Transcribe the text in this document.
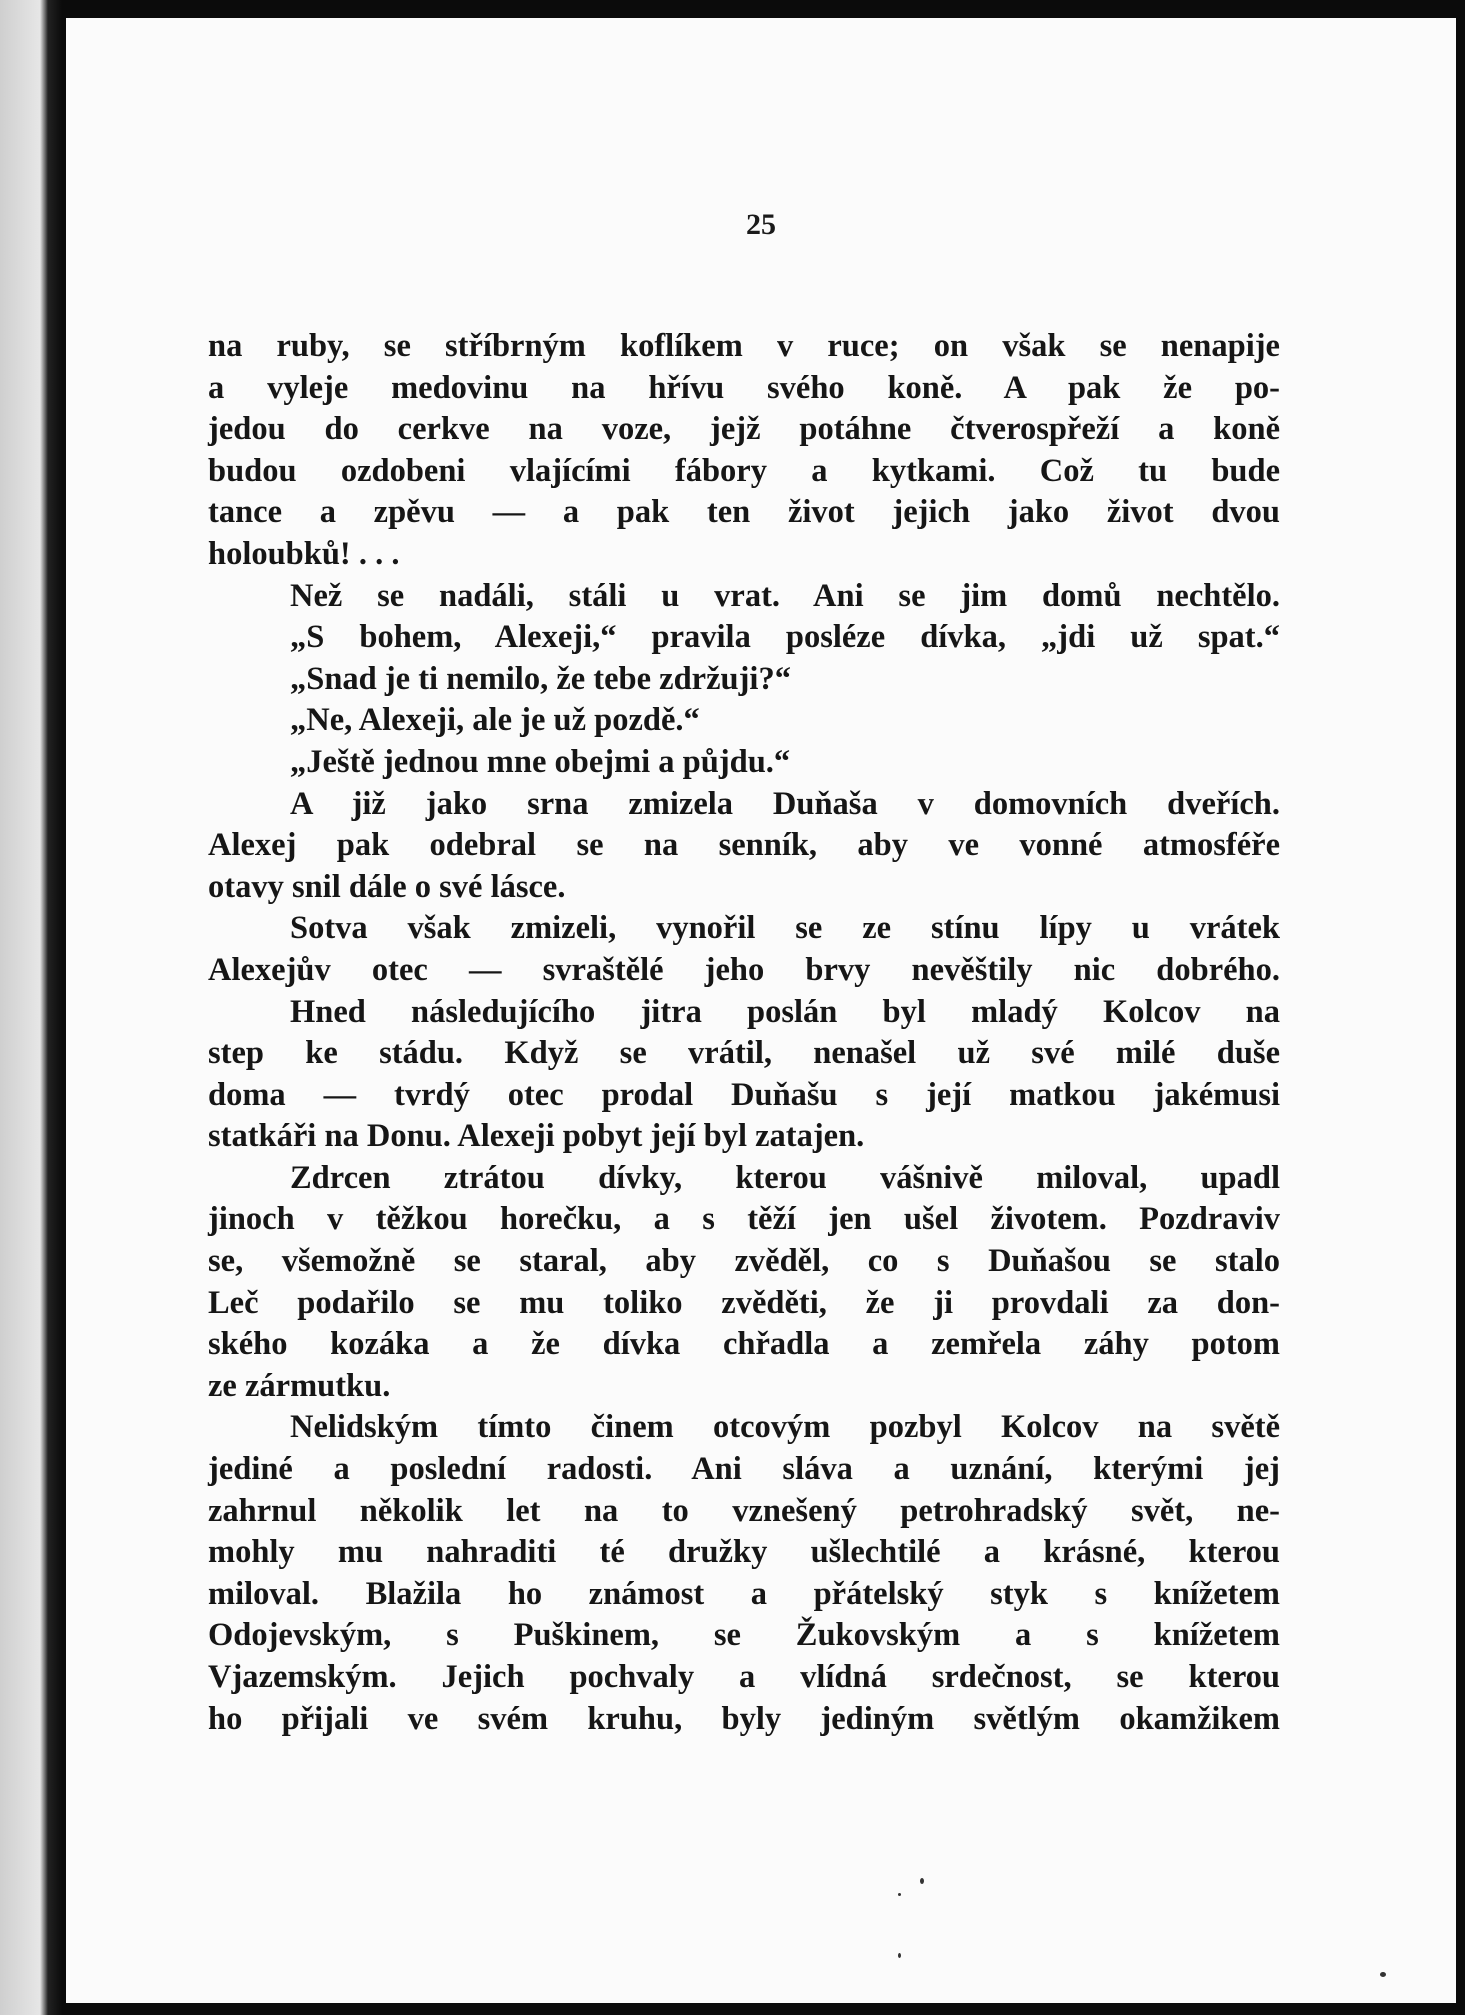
25
na ruby, se stříbrným koflíkem v ruce; on však se nenapije
a vyleje medovinu na hřívu svého koně. A pak že po-
jedou do cerkve na voze, jejž potáhne čtverospřeží a koně
budou ozdobeni vlajícími fábory a kytkami. Což tu bude
tance a zpěvu — a pak ten život jejich jako život dvou
holoubků! . . .
Než se nadáli, stáli u vrat. Ani se jim domů nechtělo.
„S bohem, Alexeji,“ pravila posléze dívka, „jdi už spat.“
„Snad je ti nemilo, že tebe zdržuji?“
„Ne, Alexeji, ale je už pozdě.“
„Ještě jednou mne obejmi a půjdu.“
A již jako srna zmizela Duňaša v domovních dveřích.
Alexej pak odebral se na senník, aby ve vonné atmosféře
otavy snil dále o své lásce.
Sotva však zmizeli, vynořil se ze stínu lípy u vrátek
Alexejův otec — svraštělé jeho brvy nevěštily nic dobrého.
Hned následujícího jitra poslán byl mladý Kolcov na
step ke stádu. Když se vrátil, nenašel už své milé duše
doma — tvrdý otec prodal Duňašu s její matkou jakémusi
statkáři na Donu. Alexeji pobyt její byl zatajen.
Zdrcen ztrátou dívky, kterou vášnivě miloval, upadl
jinoch v těžkou horečku, a s těží jen ušel životem. Pozdraviv
se, všemožně se staral, aby zvěděl, co s Duňašou se stalo
Leč podařilo se mu toliko zvěděti, že ji provdali za don-
ského kozáka a že dívka chřadla a zemřela záhy potom
ze zármutku.
Nelidským tímto činem otcovým pozbyl Kolcov na světě
jediné a poslední radosti. Ani sláva a uznání, kterými jej
zahrnul několik let na to vznešený petrohradský svět, ne-
mohly mu nahraditi té družky ušlechtilé a krásné, kterou
miloval. Blažila ho známost a přátelský styk s knížetem
Odojevským, s Puškinem, se Žukovským a s knížetem
Vjazemským. Jejich pochvaly a vlídná srdečnost, se kterou
ho přijali ve svém kruhu, byly jediným světlým okamžikem
